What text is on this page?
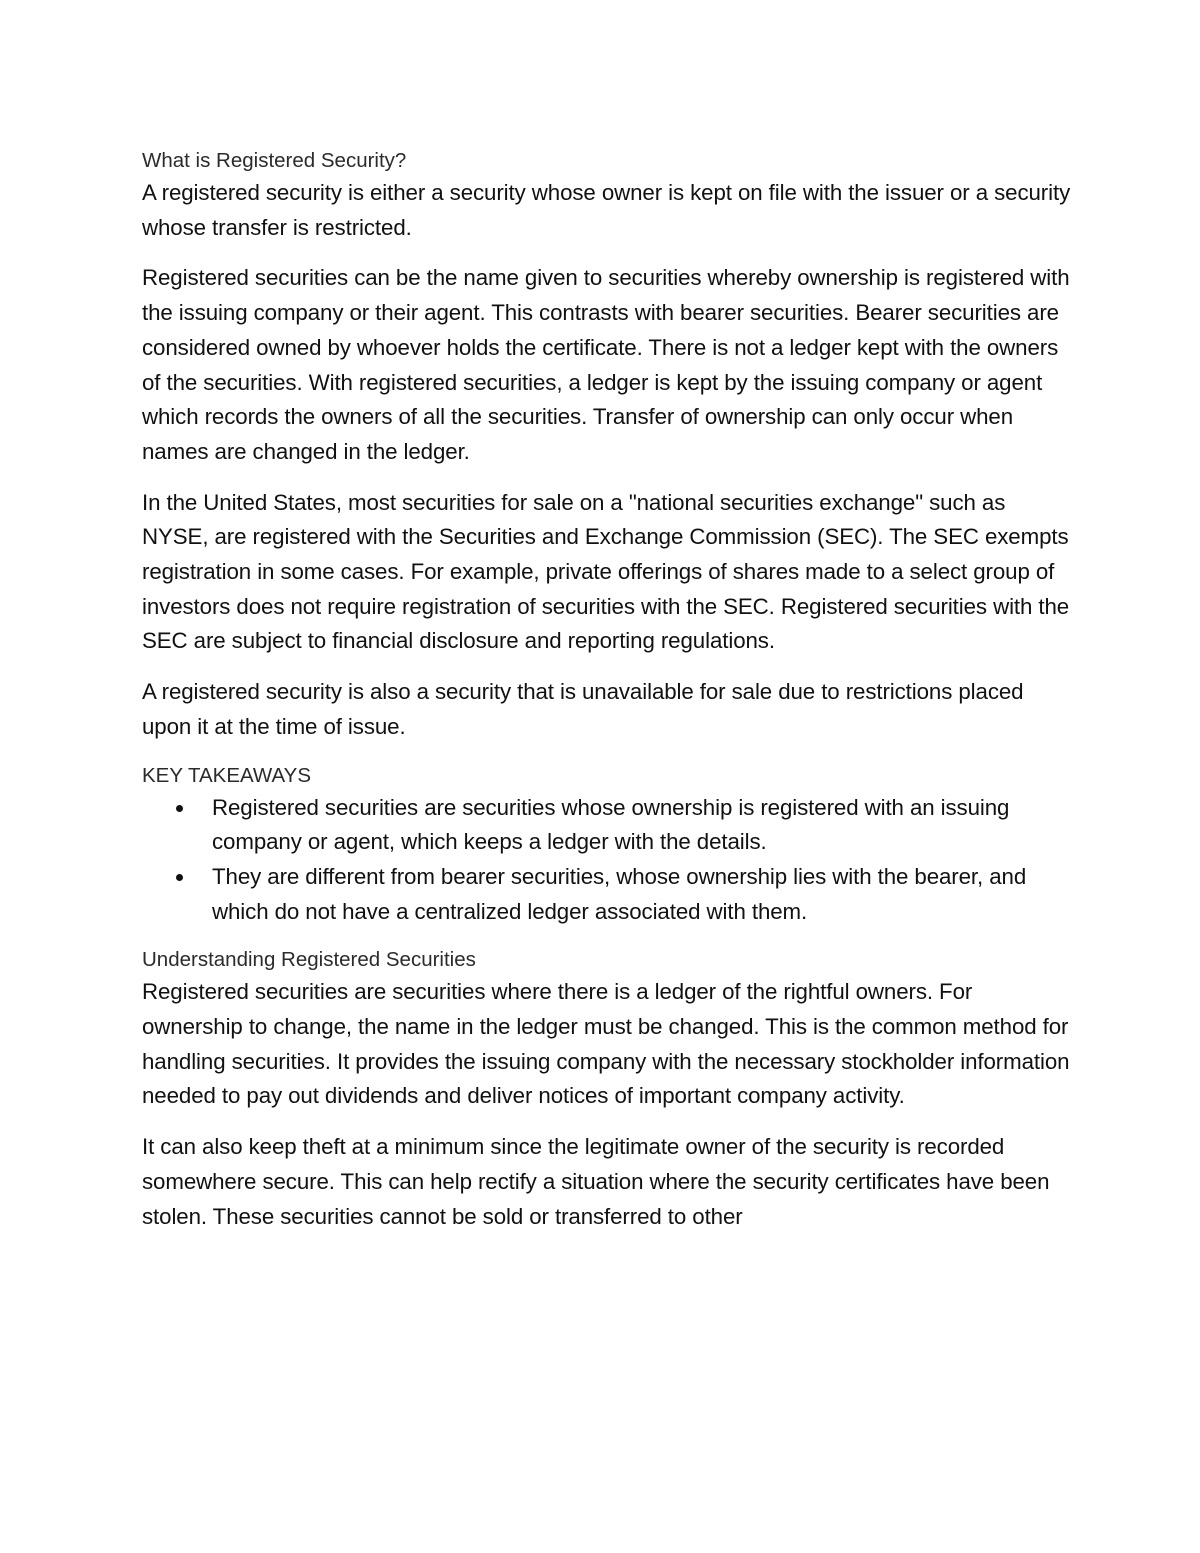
What is Registered Security?

A registered security is either a security whose owner is kept on file with the issuer or a security whose transfer is restricted.

Registered securities can be the name given to securities whereby ownership is registered with the issuing company or their agent. This contrasts with bearer securities. Bearer securities are considered owned by whoever holds the certificate. There is not a ledger kept with the owners of the securities. With registered securities, a ledger is kept by the issuing company or agent which records the owners of all the securities. Transfer of ownership can only occur when names are changed in the ledger.

In the United States, most securities for sale on a "national securities exchange" such as NYSE, are registered with the Securities and Exchange Commission (SEC). The SEC exempts registration in some cases. For example, private offerings of shares made to a select group of investors does not require registration of securities with the SEC. Registered securities with the SEC are subject to financial disclosure and reporting regulations.

A registered security is also a security that is unavailable for sale due to restrictions placed upon it at the time of issue.

KEY TAKEAWAYS

Registered securities are securities whose ownership is registered with an issuing company or agent, which keeps a ledger with the details.
They are different from bearer securities, whose ownership lies with the bearer, and which do not have a centralized ledger associated with them.

Understanding Registered Securities

Registered securities are securities where there is a ledger of the rightful owners. For ownership to change, the name in the ledger must be changed. This is the common method for handling securities. It provides the issuing company with the necessary stockholder information needed to pay out dividends and deliver notices of important company activity.

It can also keep theft at a minimum since the legitimate owner of the security is recorded somewhere secure. This can help rectify a situation where the security certificates have been stolen. These securities cannot be sold or transferred to other
